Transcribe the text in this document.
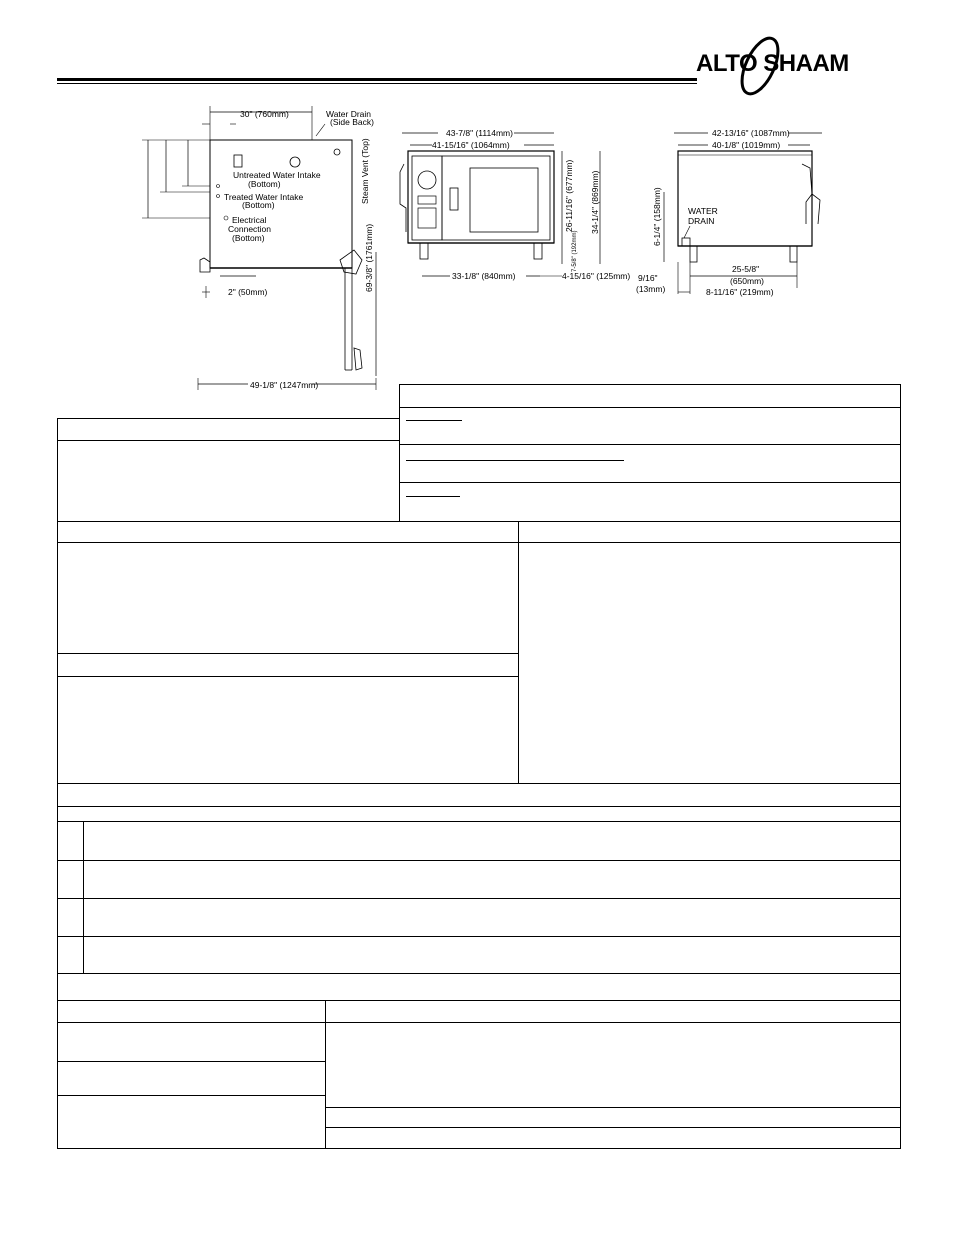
ALTO SHAAM
Untreated Water Intake
(Bottom)
Treated Water Intake
(Bottom)
Electrical
Connection
(Bottom)
30" (760mm)	Water Drain
(Side Back)
Steam Vent (Top)
69-3/8" (1761mm)
2" (50mm)
49-1/8" (1247mm)
43-7/8" (1114mm)
41-15/16" (1064mm)
26-11/16" (677mm) 34-1/4" (869mm)
7-5/8" (192mm)
33-1/8" (840mm)	4-15/16" (125mm)
42-13/16" (1087mm)
40-1/8" (1019mm)
WATER
DRAIN
6-1/4" (158mm)
9/16"
(13mm)
25-5/8"
(650mm)
8-11/16" (219mm)
